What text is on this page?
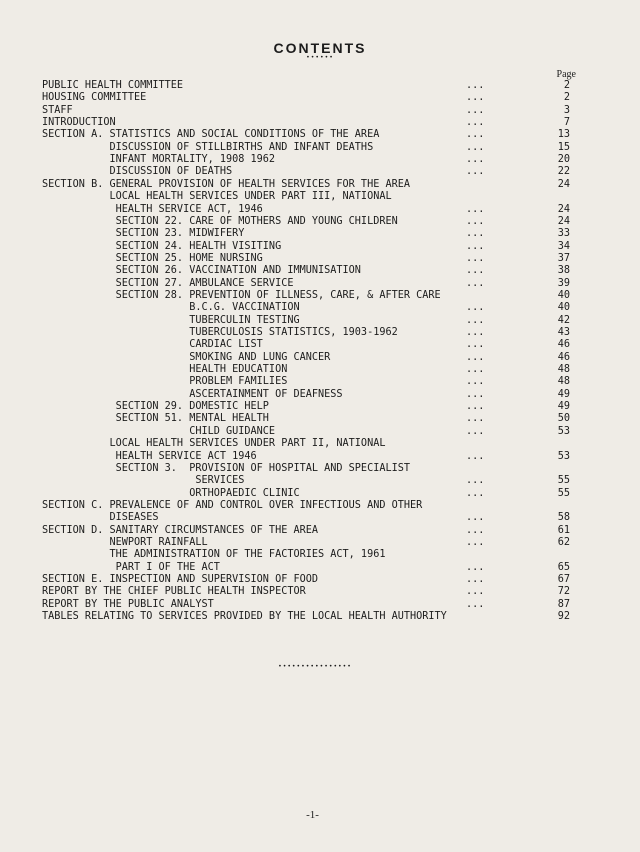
CONTENTS
••••••
Page
PUBLIC HEALTH COMMITTEE	...	2
HOUSING COMMITTEE	...	2
STAFF	...	3
INTRODUCTION	...	7
SECTION A. STATISTICS AND SOCIAL CONDITIONS OF THE AREA	...	13
DISCUSSION OF STILLBIRTHS AND INFANT DEATHS	...	15
INFANT MORTALITY, 1908 1962	...	20
DISCUSSION OF DEATHS	...	22
SECTION B. GENERAL PROVISION OF HEALTH SERVICES FOR THE AREA	24
LOCAL HEALTH SERVICES UNDER PART III, NATIONAL
HEALTH SERVICE ACT, 1946	...	24
SECTION 22. CARE OF MOTHERS AND YOUNG CHILDREN	...	24
SECTION 23. MIDWIFERY	...	33
SECTION 24. HEALTH VISITING	...	34
SECTION 25. HOME NURSING	...	37
SECTION 26. VACCINATION AND IMMUNISATION	...	38
SECTION 27. AMBULANCE SERVICE	...	39
SECTION 28. PREVENTION OF ILLNESS, CARE, & AFTER CARE	40
B.C.G. VACCINATION	...	40
TUBERCULIN TESTING	...	42
TUBERCULOSIS STATISTICS, 1903-1962	...	43
CARDIAC LIST	...	46
SMOKING AND LUNG CANCER	...	46
HEALTH EDUCATION	...	48
PROBLEM FAMILIES	...	48
ASCERTAINMENT OF DEAFNESS	...	49
SECTION 29. DOMESTIC HELP	...	49
SECTION 51. MENTAL HEALTH	...	50
CHILD GUIDANCE	...	53
LOCAL HEALTH SERVICES UNDER PART II, NATIONAL
HEALTH SERVICE ACT 1946	...	53
SECTION 3.  PROVISION OF HOSPITAL AND SPECIALIST
SERVICES	...	55
ORTHOPAEDIC CLINIC	...	55
SECTION C. PREVALENCE OF AND CONTROL OVER INFECTIOUS AND OTHER
DISEASES	...	58
SECTION D. SANITARY CIRCUMSTANCES OF THE AREA	...	61
NEWPORT RAINFALL	...	62
THE ADMINISTRATION OF THE FACTORIES ACT, 1961
PART I OF THE ACT	...	65
SECTION E. INSPECTION AND SUPERVISION OF FOOD	...	67
REPORT BY THE CHIEF PUBLIC HEALTH INSPECTOR	...	72
REPORT BY THE PUBLIC ANALYST	...	87
TABLES RELATING TO SERVICES PROVIDED BY THE LOCAL HEALTH AUTHORITY	92
••••••••••••••••
-1-
